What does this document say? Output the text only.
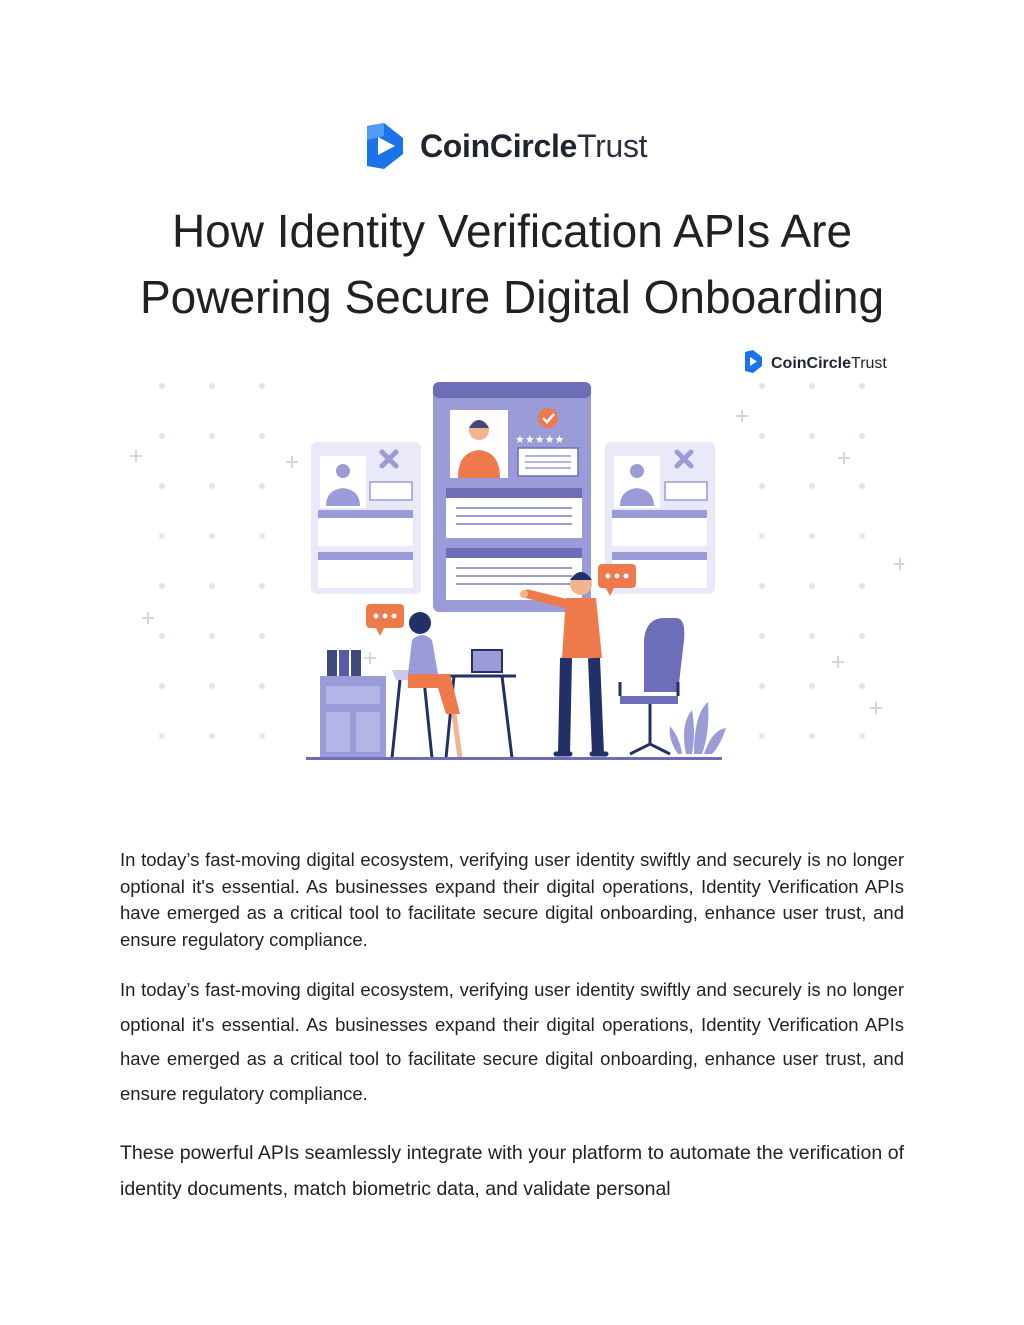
CoinCircleTrust
How Identity Verification APIs Are
Powering Secure Digital Onboarding
CoinCircleTrust
★★★★★

In today’s fast-moving digital ecosystem, verifying user identity swiftly and securely is no longer optional it's essential. As businesses expand their digital operations, Identity Verification APIs have emerged as a critical tool to facilitate secure digital onboarding, enhance user trust, and ensure regulatory compliance.

In today’s fast-moving digital ecosystem, verifying user identity swiftly and securely is no longer optional it's essential. As businesses expand their digital operations, Identity Verification APIs have emerged as a critical tool to facilitate secure digital onboarding, enhance user trust, and ensure regulatory compliance.

These powerful APIs seamlessly integrate with your platform to automate the verification of identity documents, match biometric data, and validate personal
